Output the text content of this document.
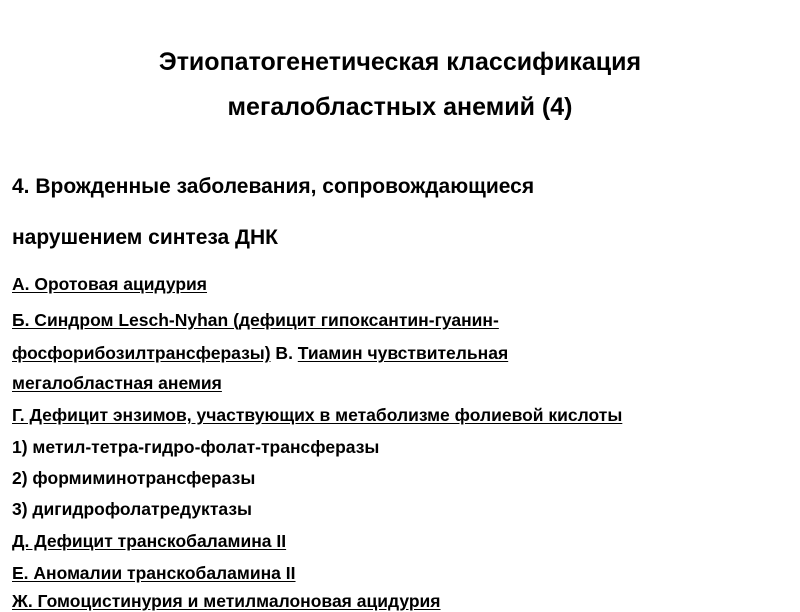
Этиопатогенетическая классификация
мегалобластных анемий (4)
4. Врожденные заболевания, сопровождающиеся
нарушением синтеза ДНК
А. Оротовая ацидурия
Б. Синдром Lesch-Nyhan (дефицит гипоксантин-гуанин-
фосфорибозилтрансферазы) В. Тиамин чувствительная
мегалобластная анемия
Г. Дефицит энзимов, участвующих в метаболизме фолиевой кислоты
1) метил-тетра-гидро-фолат-трансферазы
2) формиминотрансферазы
3) дигидрофолатредуктазы
Д. Дефицит транскобаламина II
Е. Аномалии транскобаламина II
Ж. Гомоцистинурия и метилмалоновая ацидурия
